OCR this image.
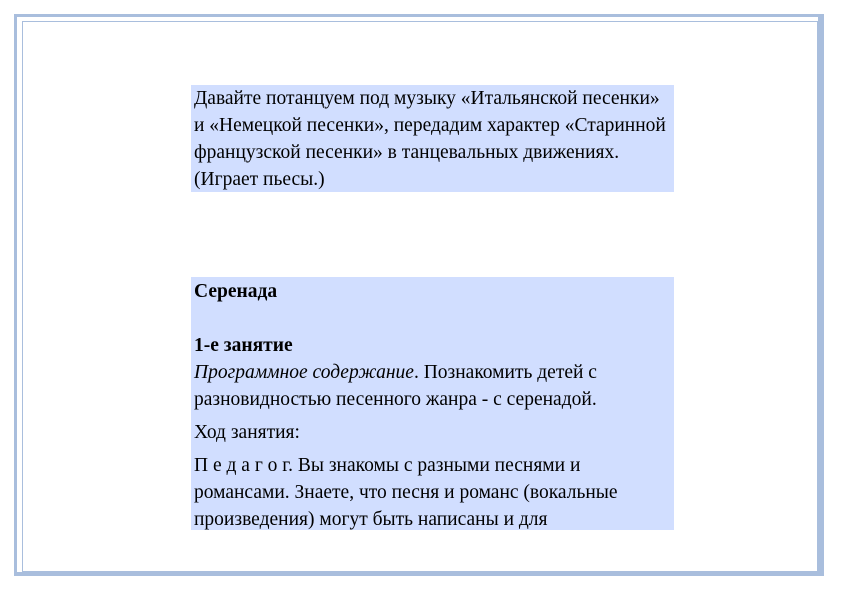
Давайте потанцуем под музыку «Итальянской песенки» и «Немецкой песенки», передадим характер «Старинной французской песенки» в танцевальных движениях. (Играет пьесы.)

Серенада

1-е занятие

Программное содержание. Познакомить детей с разновидностью песенного жанра - с серенадой.

Ход занятия:

П е д а г о г. Вы знакомы с разными песнями и романсами. Знаете, что песня и романс (вокальные произведения) могут быть написаны и для
